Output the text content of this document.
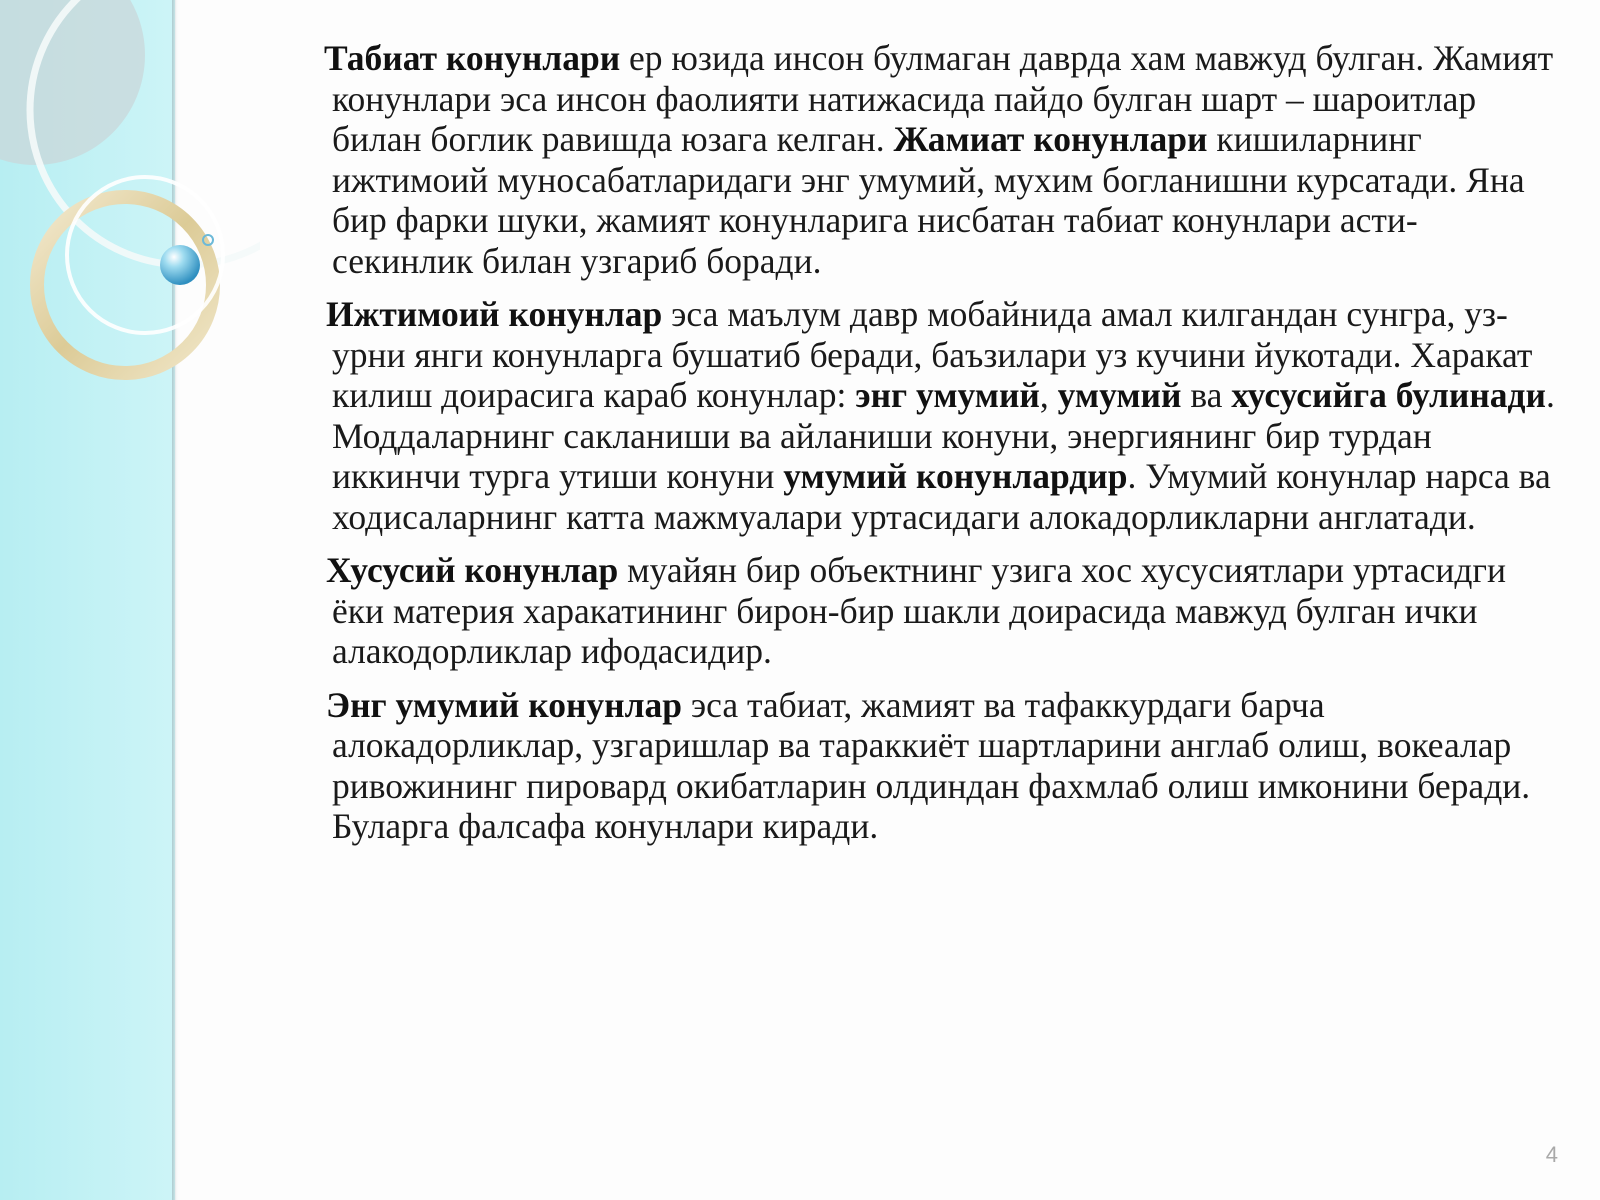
Табиат конунлари ер юзида инсон булмаган даврда хам мавжуд булган. Жамият конунлари эса инсон фаолияти натижасида пайдо булган шарт – шароитлар билан боглик равишда юзага келган. Жамиат конунлари кишиларнинг ижтимоий муносабатларидаги энг умумий, мухим богланишни курсатади. Яна бир фарки шуки, жамият конунларига нисбатан табиат конунлари асти-секинлик билан узгариб боради.

Ижтимоий конунлар эса маълум давр мобайнида амал килгандан сунгра, уз-урни янги конунларга бушатиб беради, баъзилари уз кучини йукотади. Харакат килиш доирасига караб конунлар: энг умумий, умумий ва хусусийга булинади. Моддаларнинг сакланиши ва айланиши конуни, энергиянинг бир турдан иккинчи турга утиши конуни умумий конунлардир. Умумий конунлар нарса ва ходисаларнинг катта мажмуалари уртасидаги алокадорликларни англатади.

Хусусий конунлар муайян бир объектнинг узига хос хусусиятлари уртасидги ёки материя харакатининг бирон-бир шакли доирасида мавжуд булган ички алакодорликлар ифодасидир.

Энг умумий конунлар эса табиат, жамият ва тафаккурдаги барча алокадорликлар, узгаришлар ва тараккиёт шартларини англаб олиш, вокеалар ривожининг пировард окибатларин олдиндан фахмлаб олиш имконини беради. Буларга фалсафа конунлари киради.

4
